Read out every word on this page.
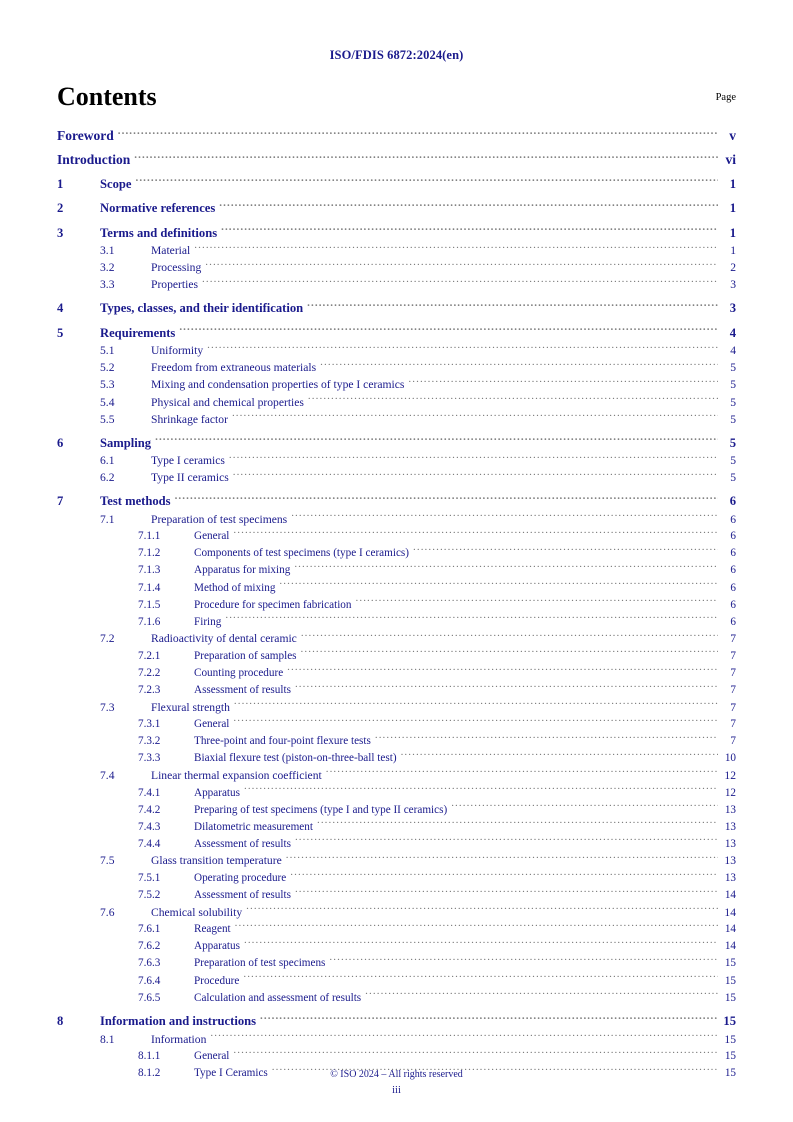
ISO/FDIS 6872:2024(en)
Contents	Page
Foreword .....	v
Introduction .....	vi
1	Scope .....	1
2	Normative references .....	1
3	Terms and definitions .....	1
3.1	Material .....	1
3.2	Processing .....	2
3.3	Properties .....	3
4	Types, classes, and their identification .....	3
5	Requirements .....	4
5.1	Uniformity .....	4
5.2	Freedom from extraneous materials .....	5
5.3	Mixing and condensation properties of type I ceramics .....	5
5.4	Physical and chemical properties .....	5
5.5	Shrinkage factor .....	5
6	Sampling .....	5
6.1	Type I ceramics .....	5
6.2	Type II ceramics .....	5
7	Test methods .....	6
7.1	Preparation of test specimens .....	6
7.1.1	General .....	6
7.1.2	Components of test specimens (type I ceramics) .....	6
7.1.3	Apparatus for mixing .....	6
7.1.4	Method of mixing .....	6
7.1.5	Procedure for specimen fabrication .....	6
7.1.6	Firing .....	6
7.2	Radioactivity of dental ceramic .....	7
7.2.1	Preparation of samples .....	7
7.2.2	Counting procedure .....	7
7.2.3	Assessment of results .....	7
7.3	Flexural strength .....	7
7.3.1	General .....	7
7.3.2	Three-point and four-point flexure tests .....	7
7.3.3	Biaxial flexure test (piston-on-three-ball test) .....	10
7.4	Linear thermal expansion coefficient .....	12
7.4.1	Apparatus .....	12
7.4.2	Preparing of test specimens (type I and type II ceramics) .....	13
7.4.3	Dilatometric measurement .....	13
7.4.4	Assessment of results .....	13
7.5	Glass transition temperature .....	13
7.5.1	Operating procedure .....	13
7.5.2	Assessment of results .....	14
7.6	Chemical solubility .....	14
7.6.1	Reagent .....	14
7.6.2	Apparatus .....	14
7.6.3	Preparation of test specimens .....	15
7.6.4	Procedure .....	15
7.6.5	Calculation and assessment of results .....	15
8	Information and instructions .....	15
8.1	Information .....	15
8.1.1	General .....	15
8.1.2	Type I Ceramics .....	15
© ISO 2024 – All rights reserved
iii
